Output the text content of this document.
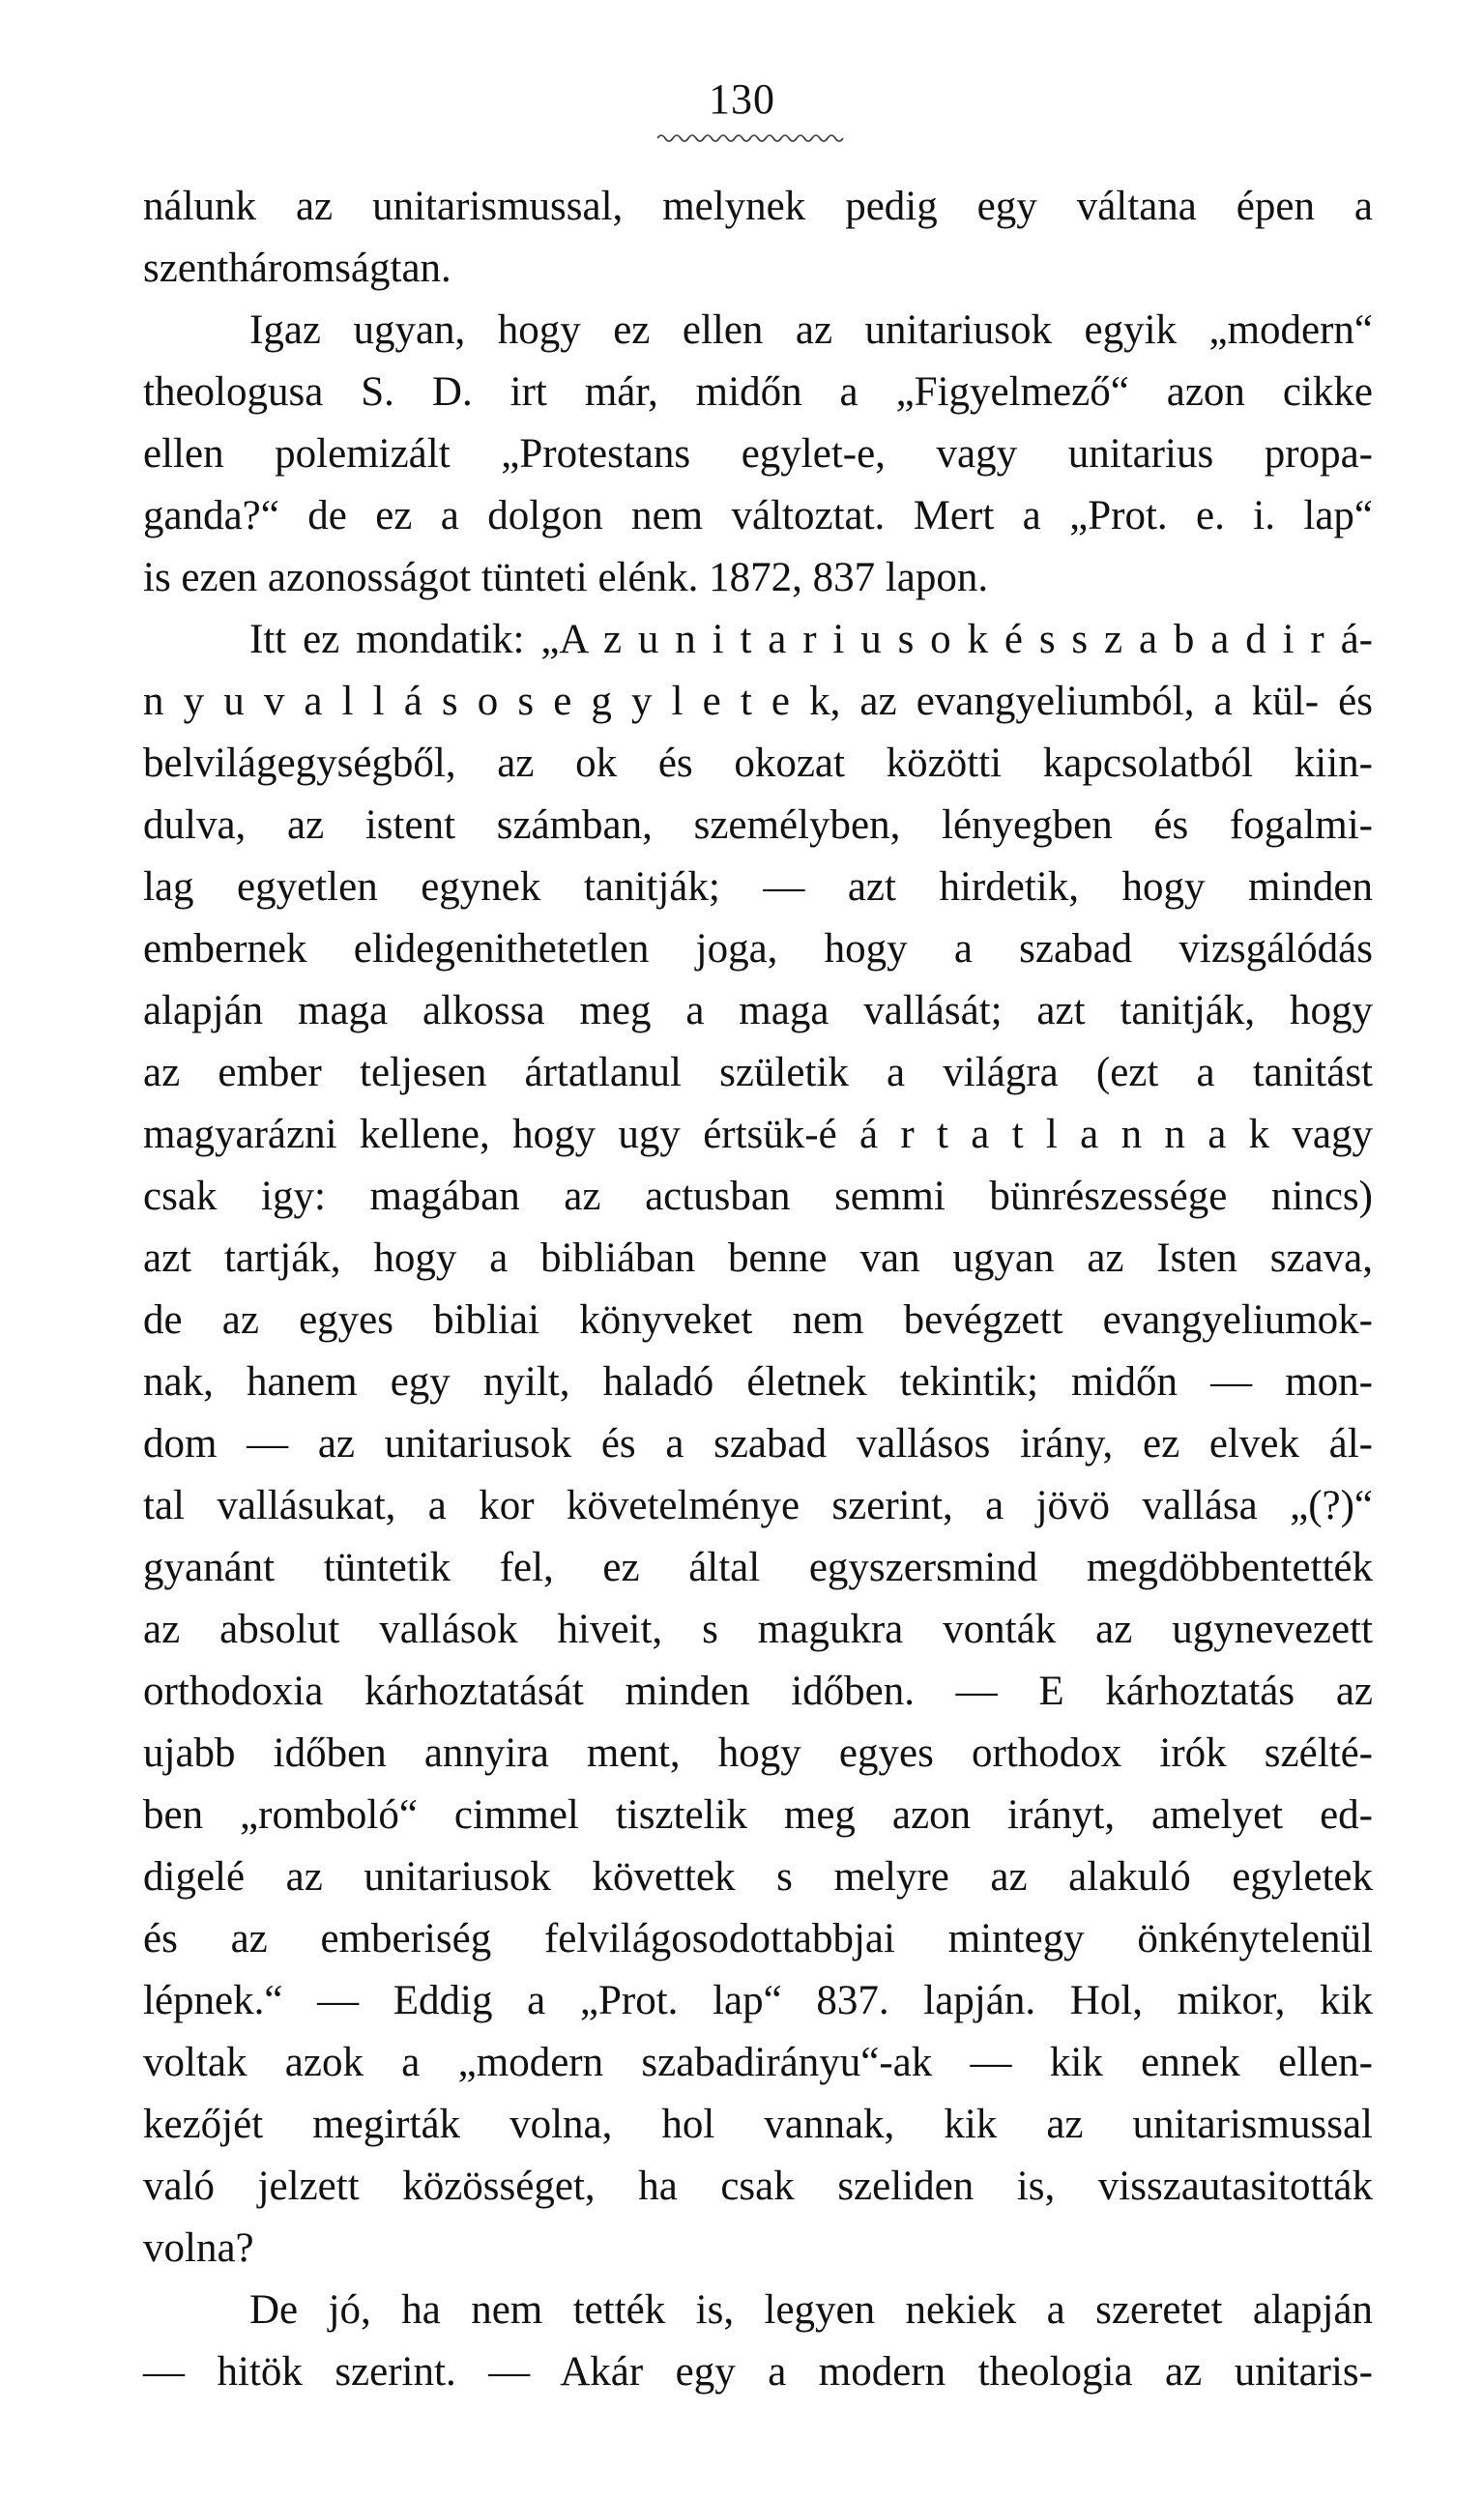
130
nálunk az unitarismussal, melynek pedig egy váltana épen a
szentháromságtan.
Igaz ugyan, hogy ez ellen az unitariusok egyik „modern“
theologusa S. D. irt már, midőn a „Figyelmező“ azon cikke
ellen polemizált „Protestans egylet-e, vagy unitarius propa-
ganda?“ de ez a dolgon nem változtat. Mert a „Prot. e. i. lap“
is ezen azonosságot tünteti elénk. 1872, 837 lapon.
Itt ez mondatik: „A z u n i t a r i u s o k é s s z a b a d i r á-
n y u v a l l á s o s e g y l e t e k, az evangyeliumból, a kül- és
belvilágegységből, az ok és okozat közötti kapcsolatból kiin-
dulva, az istent számban, személyben, lényegben és fogalmi-
lag egyetlen egynek tanitják; — azt hirdetik, hogy minden
embernek elidegenithetetlen joga, hogy a szabad vizsgálódás
alapján maga alkossa meg a maga vallását; azt tanitják, hogy
az ember teljesen ártatlanul születik a világra (ezt a tanitást
magyarázni kellene, hogy ugy értsük-é á r t a t l a n n a k vagy
csak igy: magában az actusban semmi bünrészessége nincs)
azt tartják, hogy a bibliában benne van ugyan az Isten szava,
de az egyes bibliai könyveket nem bevégzett evangyeliumok-
nak, hanem egy nyilt, haladó életnek tekintik; midőn — mon-
dom — az unitariusok és a szabad vallásos irány, ez elvek ál-
tal vallásukat, a kor követelménye szerint, a jövö vallása „(?)“
gyanánt tüntetik fel, ez által egyszersmind megdöbbentették
az absolut vallások hiveit, s magukra vonták az ugynevezett
orthodoxia kárhoztatását minden időben. — E kárhoztatás az
ujabb időben annyira ment, hogy egyes orthodox irók szélté-
ben „romboló“ cimmel tisztelik meg azon irányt, amelyet ed-
digelé az unitariusok követtek s melyre az alakuló egyletek
és az emberiség felvilágosodottabbjai mintegy önkénytelenül
lépnek.“ — Eddig a „Prot. lap“ 837. lapján. Hol, mikor, kik
voltak azok a „modern szabadirányu“-ak — kik ennek ellen-
kezőjét megirták volna, hol vannak, kik az unitarismussal
való jelzett közösséget, ha csak szeliden is, visszautasitották
volna?
De jó, ha nem tették is, legyen nekiek a szeretet alapján
— hitök szerint. — Akár egy a modern theologia az unitaris-
